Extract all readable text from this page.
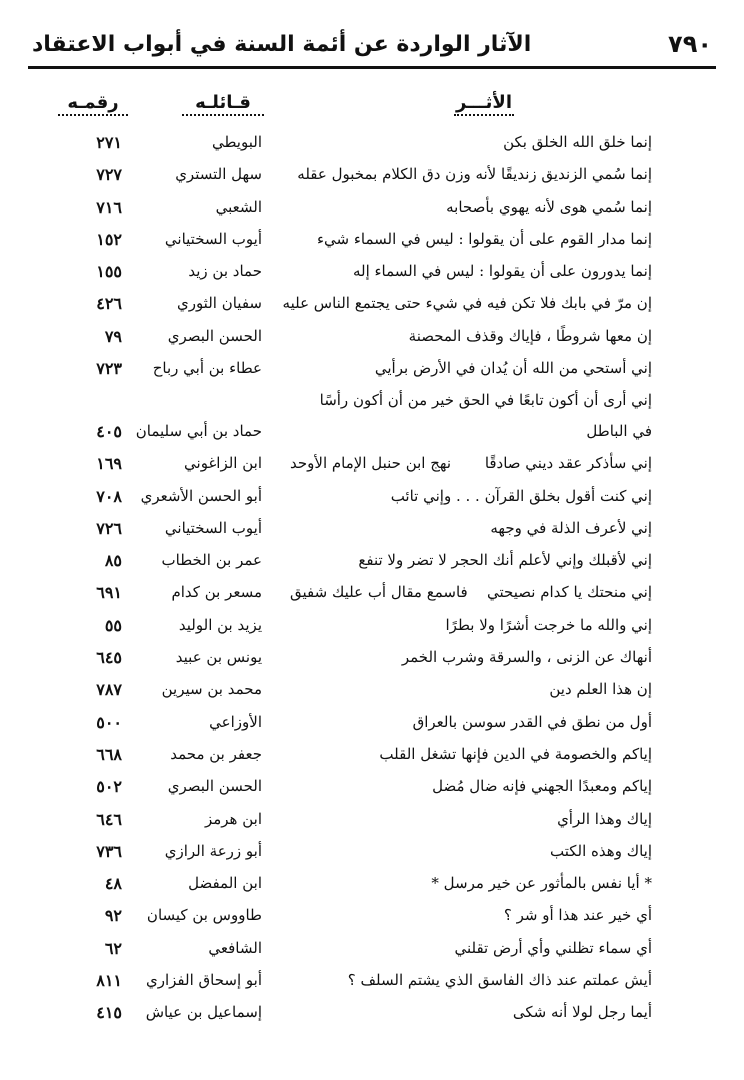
٧٩٠
الآثار الواردة عن أئمة السنة في أبواب الاعتقاد
الأثـــر
قـائلـه
رقمـه
إنما خلق الله الخلق بكن
البويطي
٢٧١
إنما سُمي الزنديق زنديقًا لأنه وزن دق الكلام بمخبول عقله
سهل التستري
٧٢٧
إنما سُمي هوى لأنه يهوي بأصحابه
الشعبي
٧١٦
إنما مدار القوم على أن يقولوا : ليس في السماء شيء
أيوب السختياني
١٥٢
إنما يدورون على أن يقولوا : ليس في السماء إله
حماد بن زيد
١٥٥
إن مرّ في بابك فلا تكن فيه في شيء حتى يجتمع الناس عليه
سفيان الثوري
٤٢٦
إن معها شروطًا ، فإياك وقذف المحصنة
الحسن البصري
٧٩
إني أستحي من الله أن يُدان في الأرض برأيي
عطاء بن أبي رباح
٧٢٣
إني أرى أن أكون تابعًا في الحق خير من أن أكون رأسًا
في الباطل
حماد بن أبي سليمان
٤٠٥
إني سأذكر عقد ديني صادقًا
نهج ابن حنبل الإمام الأوحد
ابن الزاغوني
١٦٩
إني كنت أقول بخلق القرآن . . . وإني تائب
أبو الحسن الأشعري
٧٠٨
إني لأعرف الذلة في وجهه
أيوب السختياني
٧٢٦
إني لأقبلك وإني لأعلم أنك الحجر لا تضر ولا تنفع
عمر بن الخطاب
٨٥
إني منحتك يا كدام نصيحتي
فاسمع مقال أب عليك شفيق
مسعر بن كدام
٦٩١
إني والله ما خرجت أشرًا ولا بطرًا
يزيد بن الوليد
٥٥
أنهاك عن الزنى ، والسرقة وشرب الخمر
يونس بن عبيد
٦٤٥
إن هذا العلم دين
محمد بن سيرين
٧٨٧
أول من نطق في القدر سوسن بالعراق
الأوزاعي
٥٠٠
إياكم والخصومة في الدين فإنها تشغل القلب
جعفر بن محمد
٦٦٨
إياكم ومعبدًا الجهني فإنه ضال مُضل
الحسن البصري
٥٠٢
إياك وهذا الرأي
ابن هرمز
٦٤٦
إياك وهذه الكتب
أبو زرعة الرازي
٧٣٦
* أيا نفس بالمأثور عن خير مرسل *
ابن المفضل
٤٨
أي خير عند هذا أو شر ؟
طاووس بن كيسان
٩٢
أي سماء تظلني وأي أرض تقلني
الشافعي
٦٢
أيش عملتم عند ذاك الفاسق الذي يشتم السلف ؟
أبو إسحاق الفزاري
٨١١
أيما رجل لولا أنه شكى
إسماعيل بن عياش
٤١٥
